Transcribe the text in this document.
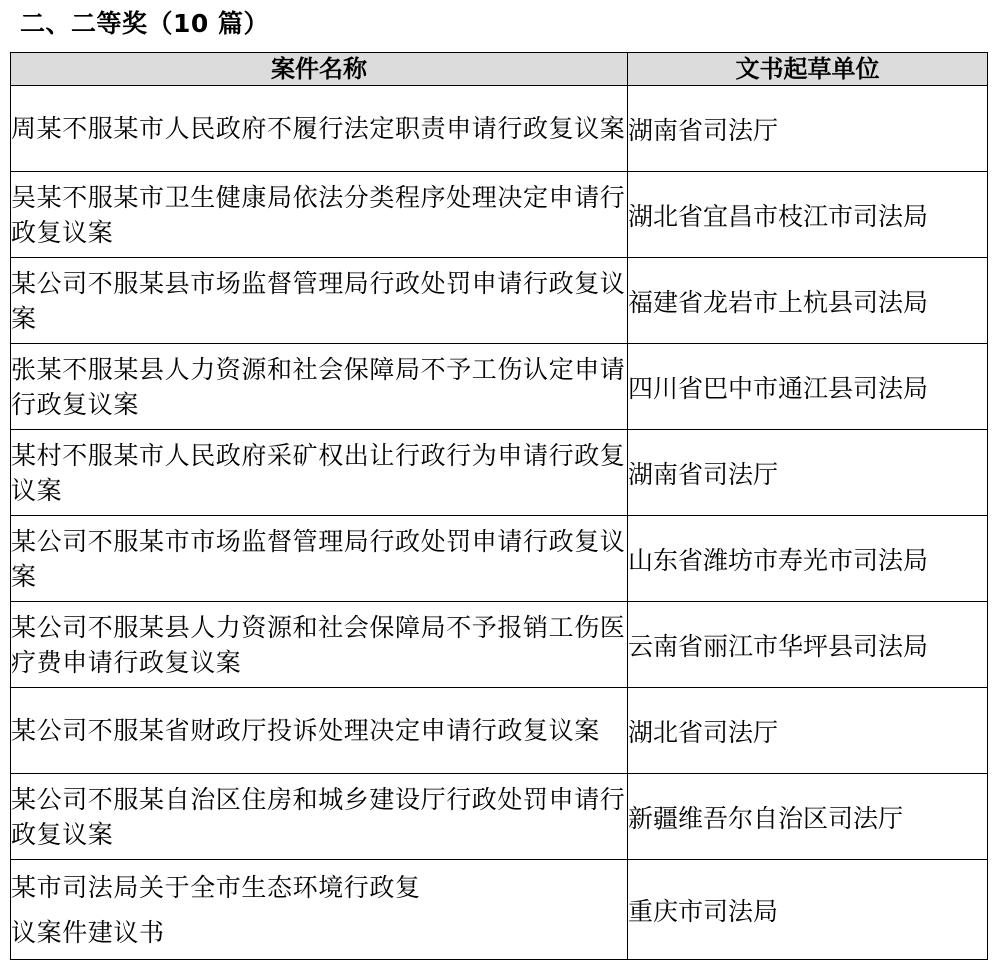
二、二等奖（10 篇）
案件名称	文书起草单位
周某不服某市人民政府不履行法定职责申请行政复议案	湖南省司法厅
吴某不服某市卫生健康局依法分类程序处理决定申请行政复议案	湖北省宜昌市枝江市司法局
某公司不服某县市场监督管理局行政处罚申请行政复议案	福建省龙岩市上杭县司法局
张某不服某县人力资源和社会保障局不予工伤认定申请行政复议案	四川省巴中市通江县司法局
某村不服某市人民政府采矿权出让行政行为申请行政复议案	湖南省司法厅
某公司不服某市市场监督管理局行政处罚申请行政复议案	山东省潍坊市寿光市司法局
某公司不服某县人力资源和社会保障局不予报销工伤医疗费申请行政复议案	云南省丽江市华坪县司法局
某公司不服某省财政厅投诉处理决定申请行政复议案	湖北省司法厅
某公司不服某自治区住房和城乡建设厅行政处罚申请行政复议案	新疆维吾尔自治区司法厅
某市司法局关于全市生态环境行政复
议案件建议书	重庆市司法局
